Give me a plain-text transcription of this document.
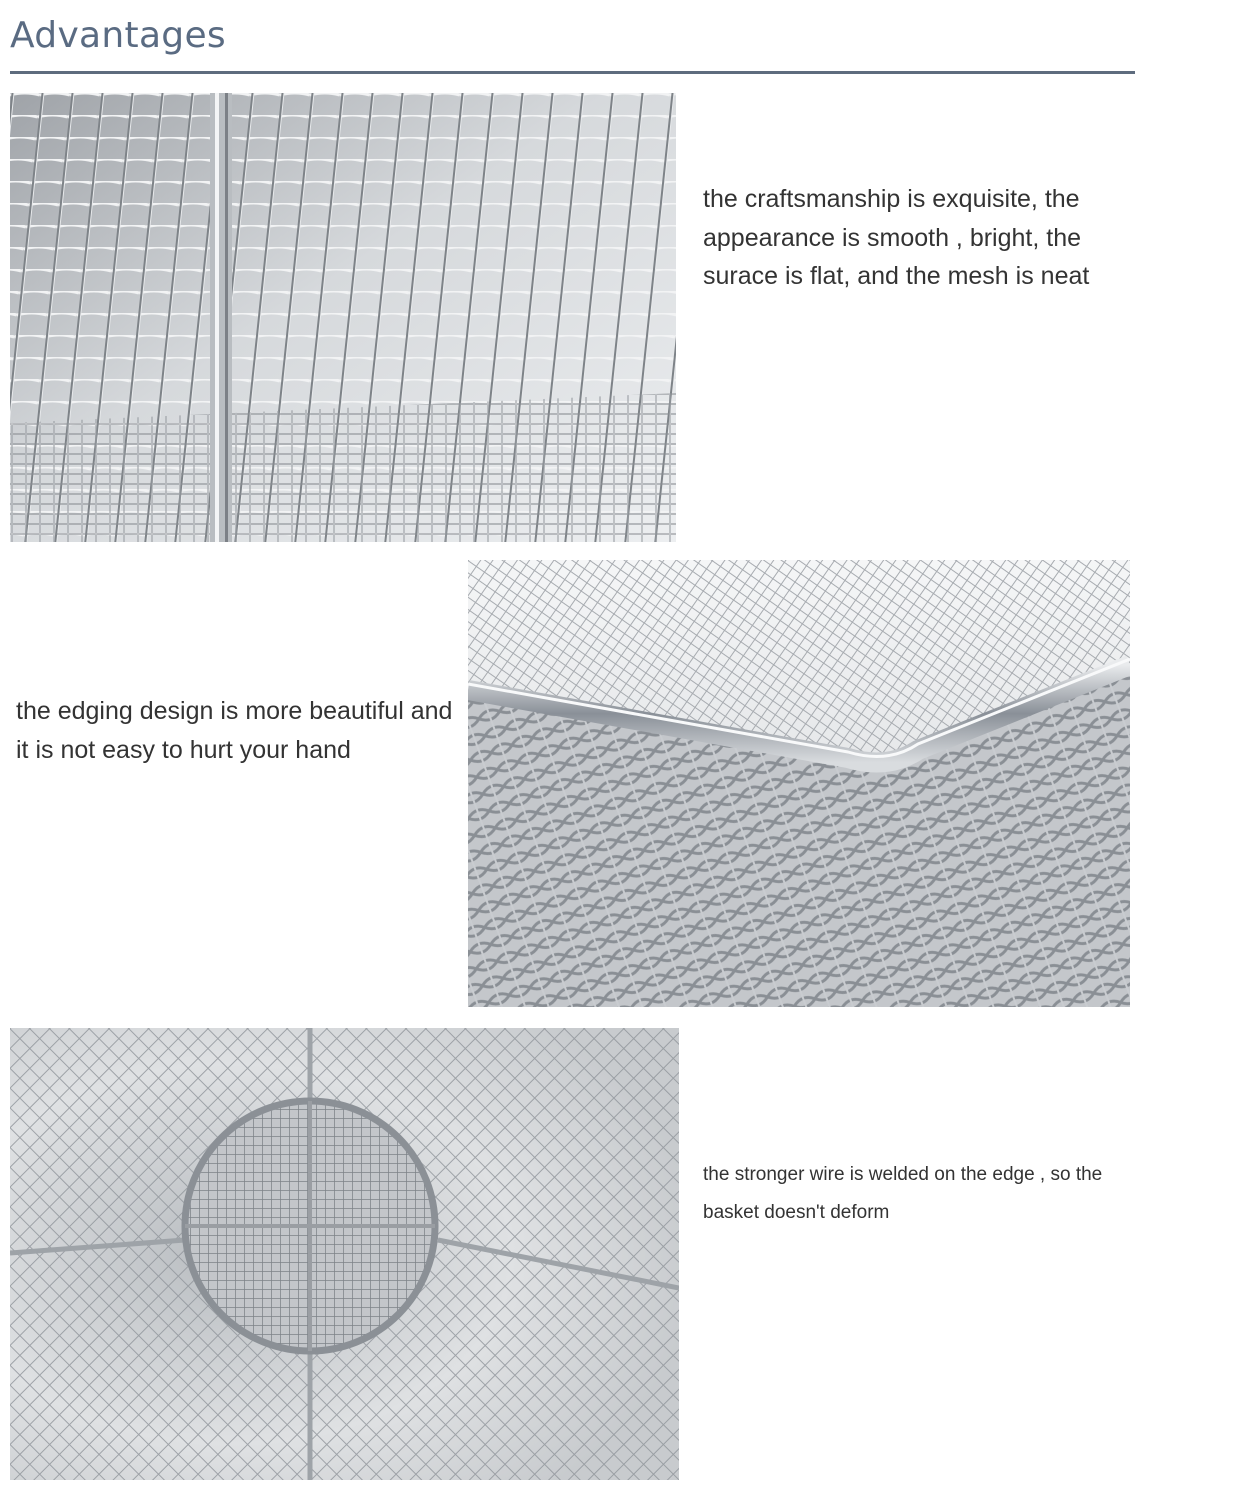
Advantages
the craftsmanship is exquisite, the appearance is smooth , bright, the surace is flat, and the mesh is neat
the edging design is more beautiful and it is not easy to hurt your hand
the stronger wire is welded on the edge , so the basket doesn't deform
